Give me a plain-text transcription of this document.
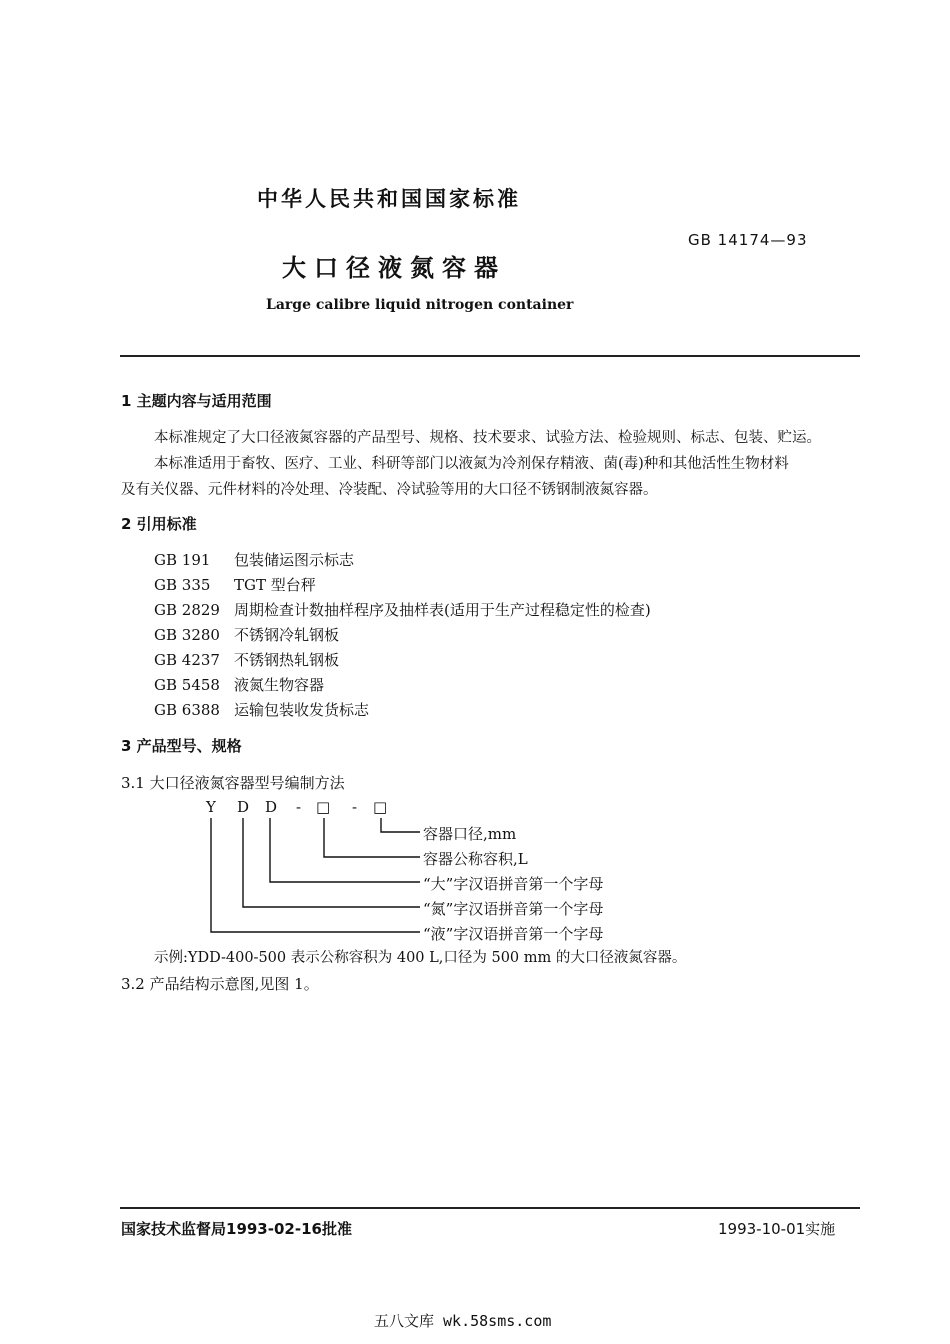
中华人民共和国国家标准
GB 14174—93
大口径液氮容器
Large calibre liquid nitrogen container
1 主题内容与适用范围
本标准规定了大口径液氮容器的产品型号、规格、技术要求、试验方法、检验规则、标志、包装、贮运。
本标准适用于畜牧、医疗、工业、科研等部门以液氮为冷剂保存精液、菌(毒)种和其他活性生物材料
及有关仪器、元件材料的冷处理、冷装配、冷试验等用的大口径不锈钢制液氮容器。
2 引用标准
GB 191 包装储运图示标志
GB 335 TGT 型台秤
GB 2829 周期检查计数抽样程序及抽样表(适用于生产过程稳定性的检查)
GB 3280 不锈钢冷轧钢板
GB 4237 不锈钢热轧钢板
GB 5458 液氮生物容器
GB 6388 运输包装收发货标志
3 产品型号、规格
3.1 大口径液氮容器型号编制方法
Y D D - □ - □
容器口径,mm
容器公称容积,L
“大”字汉语拼音第一个字母
“氮”字汉语拼音第一个字母
“液”字汉语拼音第一个字母
示例:YDD-400-500 表示公称容积为 400 L,口径为 500 mm 的大口径液氮容器。
3.2 产品结构示意图,见图 1。
国家技术监督局1993-02-16批准	1993-10-01实施
五八文库 wk.58sms.com
